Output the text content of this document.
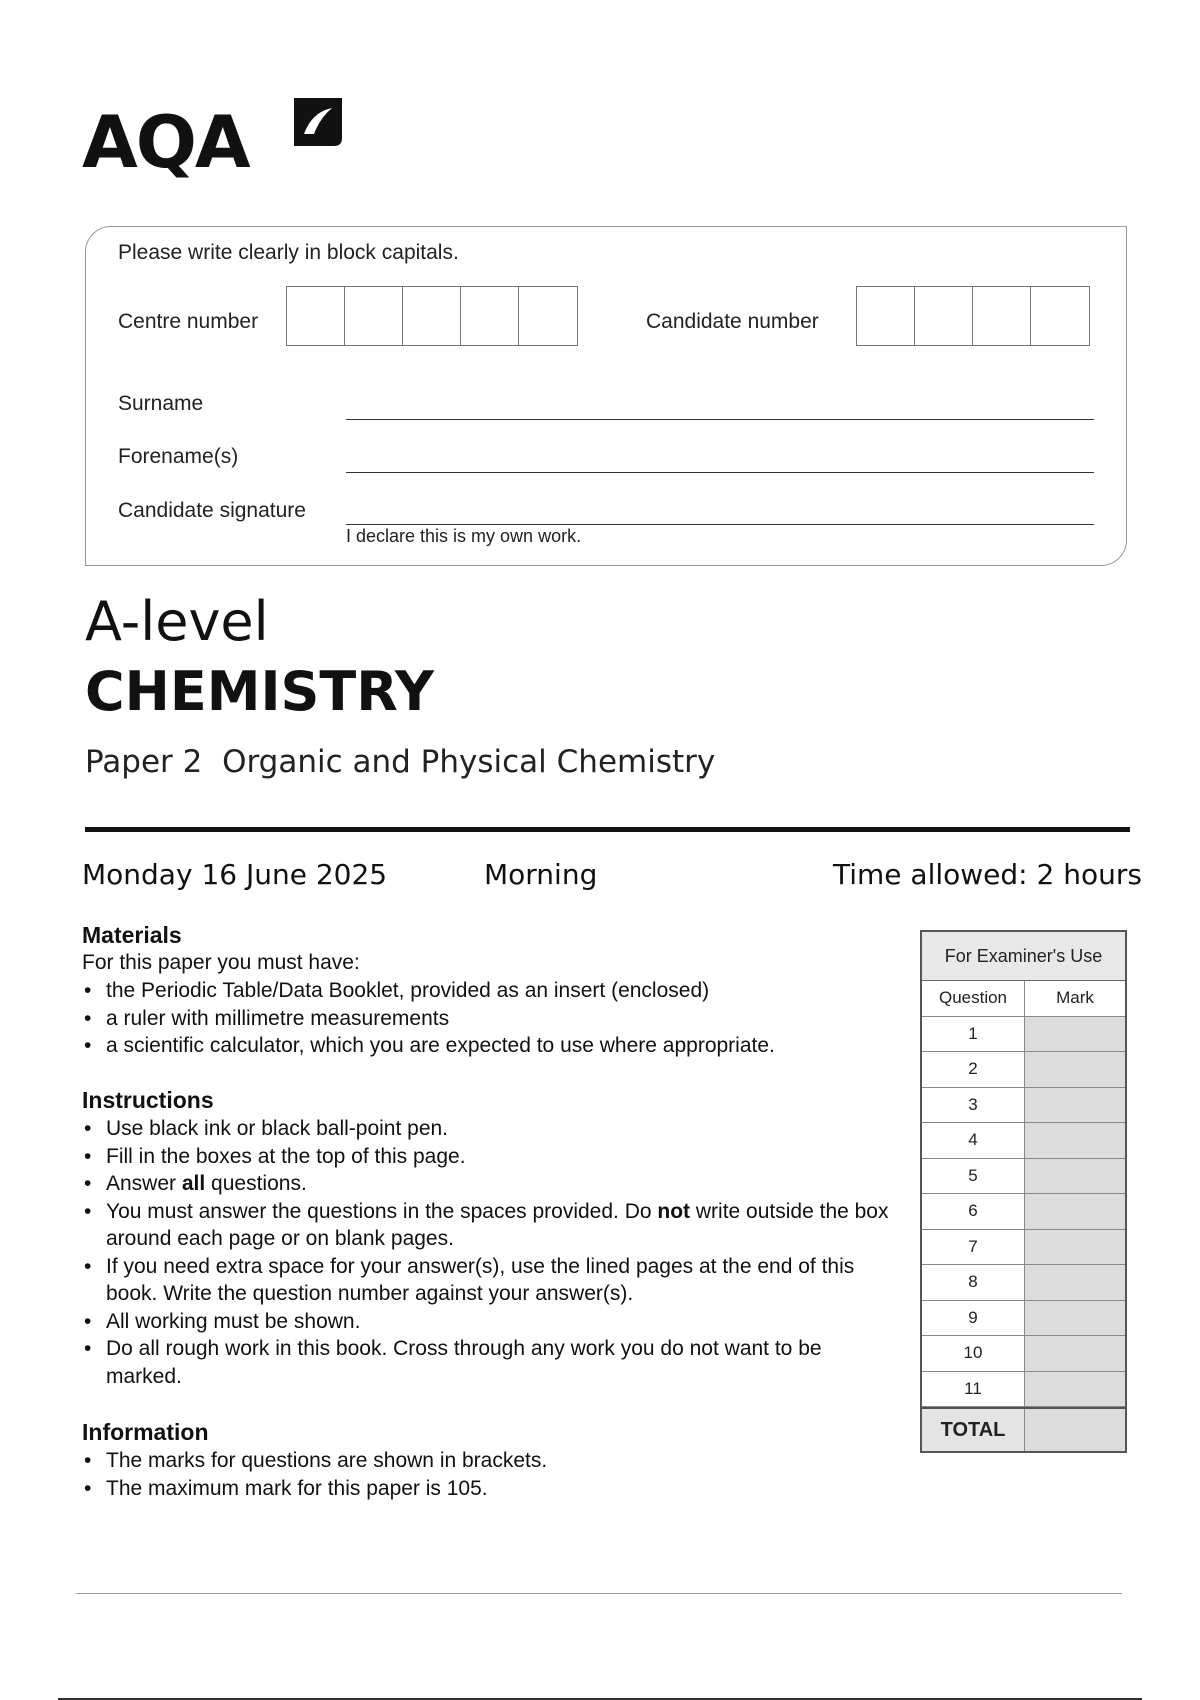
AQA
Please write clearly in block capitals.
Centre number	Candidate number
Surname
Forename(s)
Candidate signature
I declare this is my own work.
A-level
CHEMISTRY
Paper 2  Organic and Physical Chemistry
Monday 16 June 2025	Morning	Time allowed: 2 hours
Materials
For this paper you must have:
• the Periodic Table/Data Booklet, provided as an insert (enclosed)
• a ruler with millimetre measurements
• a scientific calculator, which you are expected to use where appropriate.
Instructions
• Use black ink or black ball-point pen.
• Fill in the boxes at the top of this page.
• Answer all questions.
• You must answer the questions in the spaces provided. Do not write outside the box around each page or on blank pages.
• If you need extra space for your answer(s), use the lined pages at the end of this book. Write the question number against your answer(s).
• All working must be shown.
• Do all rough work in this book. Cross through any work you do not want to be marked.
Information
• The marks for questions are shown in brackets.
• The maximum mark for this paper is 105.
For Examiner's Use
Question	Mark
1
2
3
4
5
6
7
8
9
10
11
TOTAL
